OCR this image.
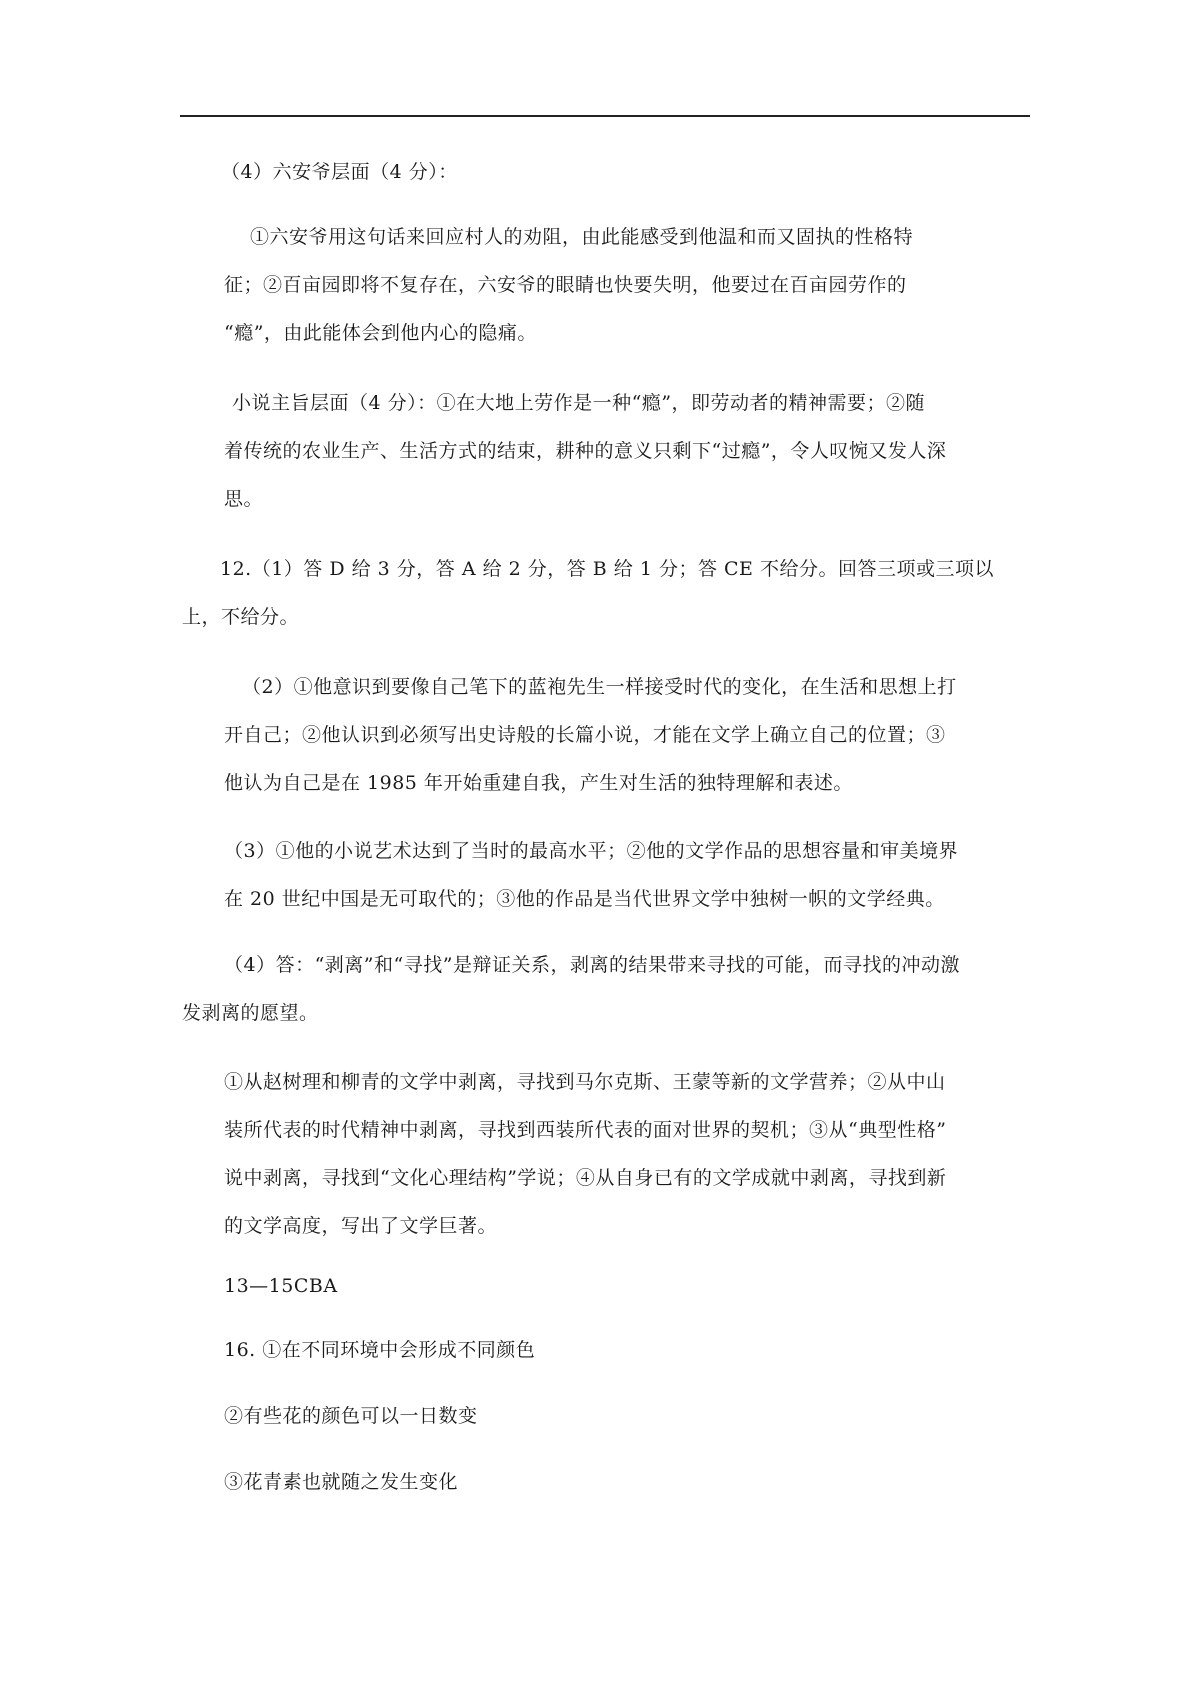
（4）六安爷层面（4 分）：
①六安爷用这句话来回应村人的劝阻，由此能感受到他温和而又固执的性格特
征；②百亩园即将不复存在，六安爷的眼睛也快要失明，他要过在百亩园劳作的
“瘾”，由此能体会到他内心的隐痛。
小说主旨层面（4 分）：①在大地上劳作是一种“瘾”，即劳动者的精神需要；②随
着传统的农业生产、生活方式的结束，耕种的意义只剩下“过瘾”，令人叹惋又发人深
思。
12.（1）答 D 给 3 分，答 A 给 2 分，答 B 给 1 分；答 CE 不给分。回答三项或三项以
上，不给分。
（2）①他意识到要像自己笔下的蓝袍先生一样接受时代的变化，在生活和思想上打
开自己；②他认识到必须写出史诗般的长篇小说，才能在文学上确立自己的位置；③
他认为自己是在 1985 年开始重建自我，产生对生活的独特理解和表述。
（3）①他的小说艺术达到了当时的最高水平；②他的文学作品的思想容量和审美境界
在 20 世纪中国是无可取代的；③他的作品是当代世界文学中独树一帜的文学经典。
（4）答：“剥离”和“寻找”是辩证关系，剥离的结果带来寻找的可能，而寻找的冲动激
发剥离的愿望。
①从赵树理和柳青的文学中剥离，寻找到马尔克斯、王蒙等新的文学营养；②从中山
装所代表的时代精神中剥离，寻找到西装所代表的面对世界的契机；③从“典型性格”
说中剥离，寻找到“文化心理结构”学说；④从自身已有的文学成就中剥离，寻找到新
的文学高度，写出了文学巨著。
13—15CBA
16. ①在不同环境中会形成不同颜色
②有些花的颜色可以一日数变
③花青素也就随之发生变化
